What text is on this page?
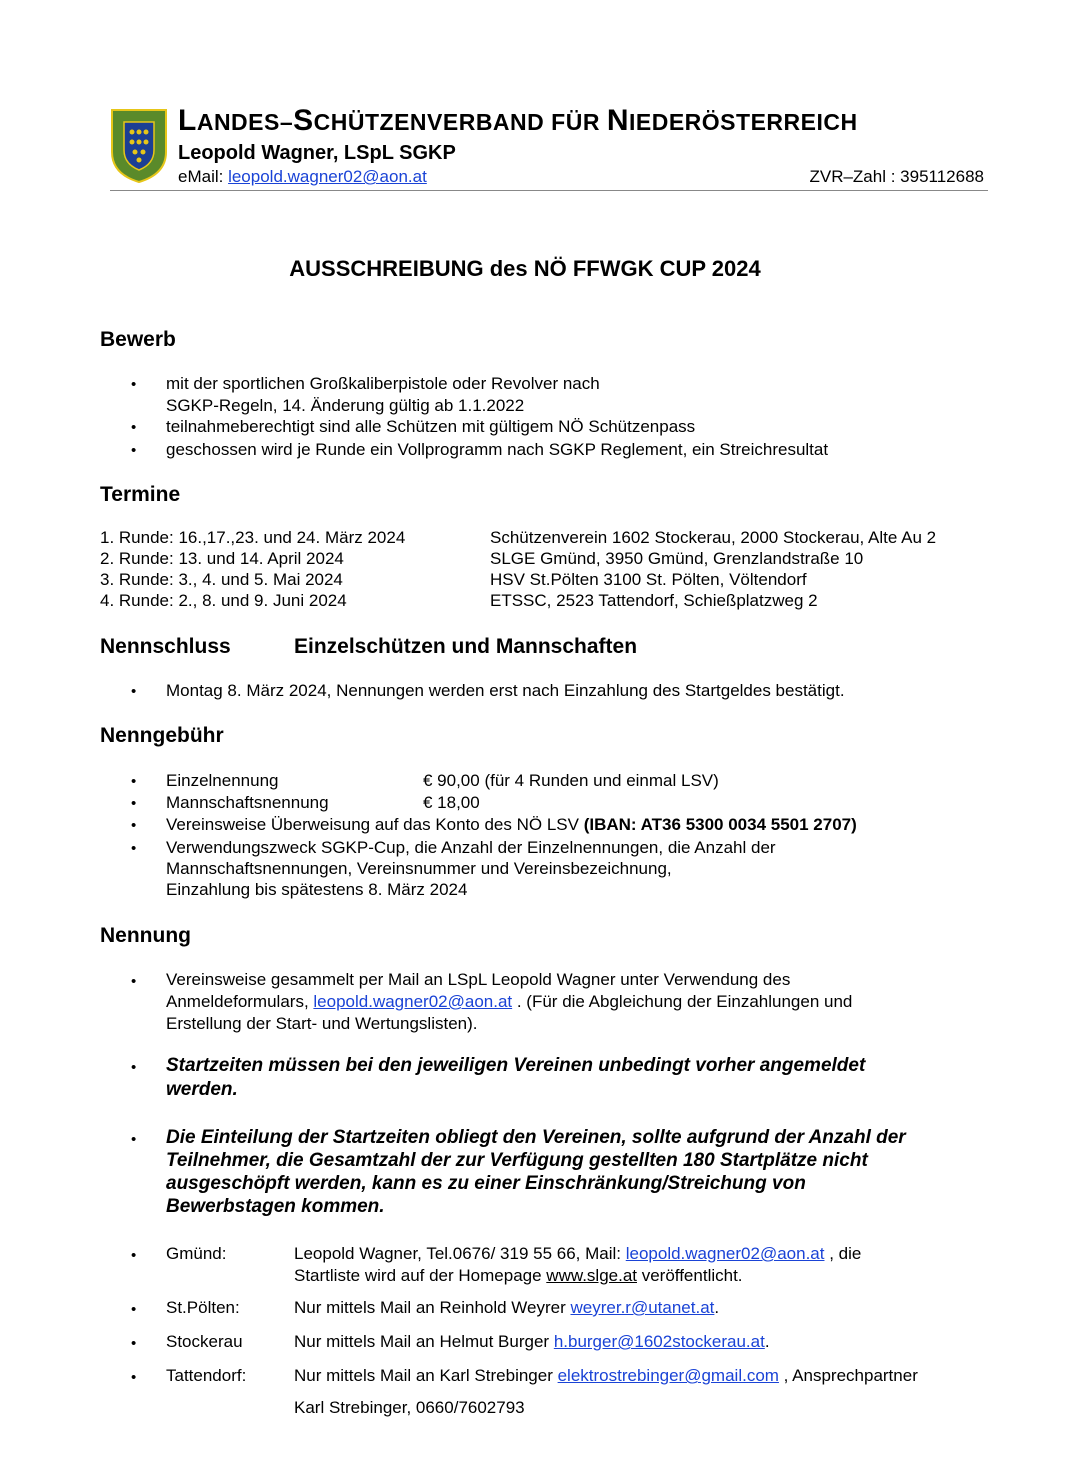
LANDES–SCHÜTZENVERBAND FÜR NIEDERÖSTERREICH
Leopold Wagner, LSpL SGKP
eMail: leopold.wagner02@aon.at	ZVR–Zahl : 395112688
AUSSCHREIBUNG des NÖ FFWGK CUP 2024
Bewerb
• mit der sportlichen Großkaliberpistole oder Revolver nach
SGKP-Regeln, 14. Änderung gültig ab 1.1.2022
• teilnahmeberechtigt sind alle Schützen mit gültigem NÖ Schützenpass
• geschossen wird je Runde ein Vollprogramm nach SGKP Reglement, ein Streichresultat
Termine
1. Runde: 16.,17.,23. und 24. März 2024	Schützenverein 1602 Stockerau, 2000 Stockerau, Alte Au 2
2. Runde: 13. und 14. April 2024	SLGE Gmünd, 3950 Gmünd, Grenzlandstraße 10
3. Runde: 3., 4. und 5. Mai 2024	HSV St.Pölten 3100 St. Pölten, Völtendorf
4. Runde: 2., 8. und 9. Juni 2024	ETSSC, 2523 Tattendorf, Schießplatzweg 2
Nennschluss	Einzelschützen und Mannschaften
• Montag 8. März 2024, Nennungen werden erst nach Einzahlung des Startgeldes bestätigt.
Nenngebühr
• Einzelnennung	€ 90,00 (für 4 Runden und einmal LSV)
• Mannschaftsnennung	€ 18,00
• Vereinsweise Überweisung auf das Konto des NÖ LSV (IBAN: AT36 5300 0034 5501 2707)
• Verwendungszweck SGKP-Cup, die Anzahl der Einzelnennungen, die Anzahl der
Mannschaftsnennungen, Vereinsnummer und Vereinsbezeichnung,
Einzahlung bis spätestens 8. März 2024
Nennung
• Vereinsweise gesammelt per Mail an LSpL Leopold Wagner unter Verwendung des
Anmeldeformulars, leopold.wagner02@aon.at . (Für die Abgleichung der Einzahlungen und
Erstellung der Start- und Wertungslisten).
• Startzeiten müssen bei den jeweiligen Vereinen unbedingt vorher angemeldet
werden.
• Die Einteilung der Startzeiten obliegt den Vereinen, sollte aufgrund der Anzahl der
Teilnehmer, die Gesamtzahl der zur Verfügung gestellten 180 Startplätze nicht
ausgeschöpft werden, kann es zu einer Einschränkung/Streichung von
Bewerbstagen kommen.
• Gmünd:	Leopold Wagner, Tel.0676/ 319 55 66, Mail: leopold.wagner02@aon.at , die
Startliste wird auf der Homepage www.slge.at veröffentlicht.
• St.Pölten:	Nur mittels Mail an Reinhold Weyrer weyrer.r@utanet.at.
• Stockerau	Nur mittels Mail an Helmut Burger h.burger@1602stockerau.at.
• Tattendorf:	Nur mittels Mail an Karl Strebinger elektrostrebinger@gmail.com , Ansprechpartner
Karl Strebinger, 0660/7602793
